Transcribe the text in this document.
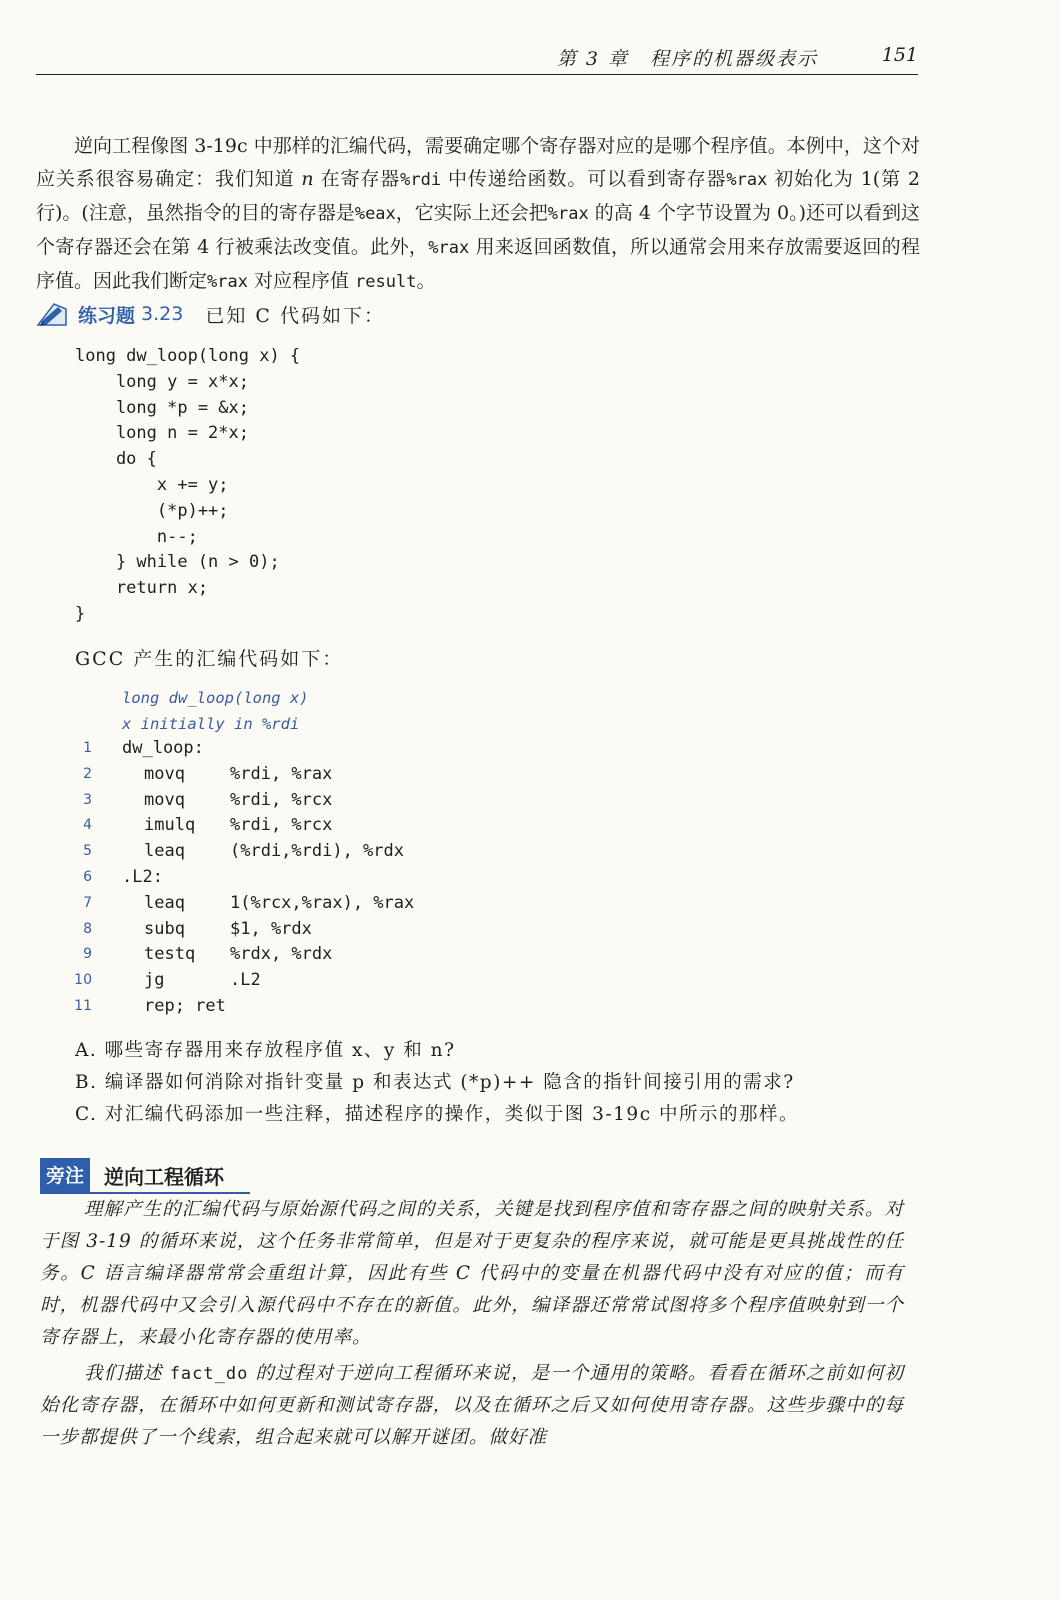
第 3 章　程序的机器级表示	151

逆向工程像图 3-19c 中那样的汇编代码，需要确定哪个寄存器对应的是哪个程序值。本例中，这个对应关系很容易确定：我们知道 n 在寄存器%rdi 中传递给函数。可以看到寄存器%rax 初始化为 1(第 2 行)。(注意，虽然指令的目的寄存器是%eax，它实际上还会把%rax 的高 4 个字节设置为 0。)还可以看到这个寄存器还会在第 4 行被乘法改变值。此外，%rax 用来返回函数值，所以通常会用来存放需要返回的程序值。因此我们断定%rax 对应程序值 result。

练习题 3.23 已知 C 代码如下：
long dw_loop(long x) {
long y = x*x;
long *p = &x;
long n = 2*x;
do {
x += y;
(*p)++;
n--;
} while (n > 0);
return x;
}
GCC 产生的汇编代码如下：
long dw_loop(long x)
x initially in %rdi
1 dw_loop:
2	movq	%rdi, %rax
3	movq	%rdi, %rcx
4	imulq	%rdi, %rcx
5	leaq	(%rdi,%rdi), %rdx
6 .L2:
7	leaq	1(%rcx,%rax), %rax
8	subq	$1, %rdx
9	testq	%rdx, %rdx
10	jg	.L2
11	rep; ret
A. 哪些寄存器用来存放程序值 x、y 和 n?
B. 编译器如何消除对指针变量 p 和表达式 (*p)++ 隐含的指针间接引用的需求?
C. 对汇编代码添加一些注释，描述程序的操作，类似于图 3-19c 中所示的那样。
旁注	逆向工程循环

理解产生的汇编代码与原始源代码之间的关系，关键是找到程序值和寄存器之间的映射关系。对于图 3-19 的循环来说，这个任务非常简单，但是对于更复杂的程序来说，就可能是更具挑战性的任务。C 语言编译器常常会重组计算，因此有些 C 代码中的变量在机器代码中没有对应的值；而有时，机器代码中又会引入源代码中不存在的新值。此外，编译器还常常试图将多个程序值映射到一个寄存器上，来最小化寄存器的使用率。

我们描述 fact_do 的过程对于逆向工程循环来说，是一个通用的策略。看看在循环之前如何初始化寄存器，在循环中如何更新和测试寄存器，以及在循环之后又如何使用寄存器。这些步骤中的每一步都提供了一个线索，组合起来就可以解开谜团。做好准
